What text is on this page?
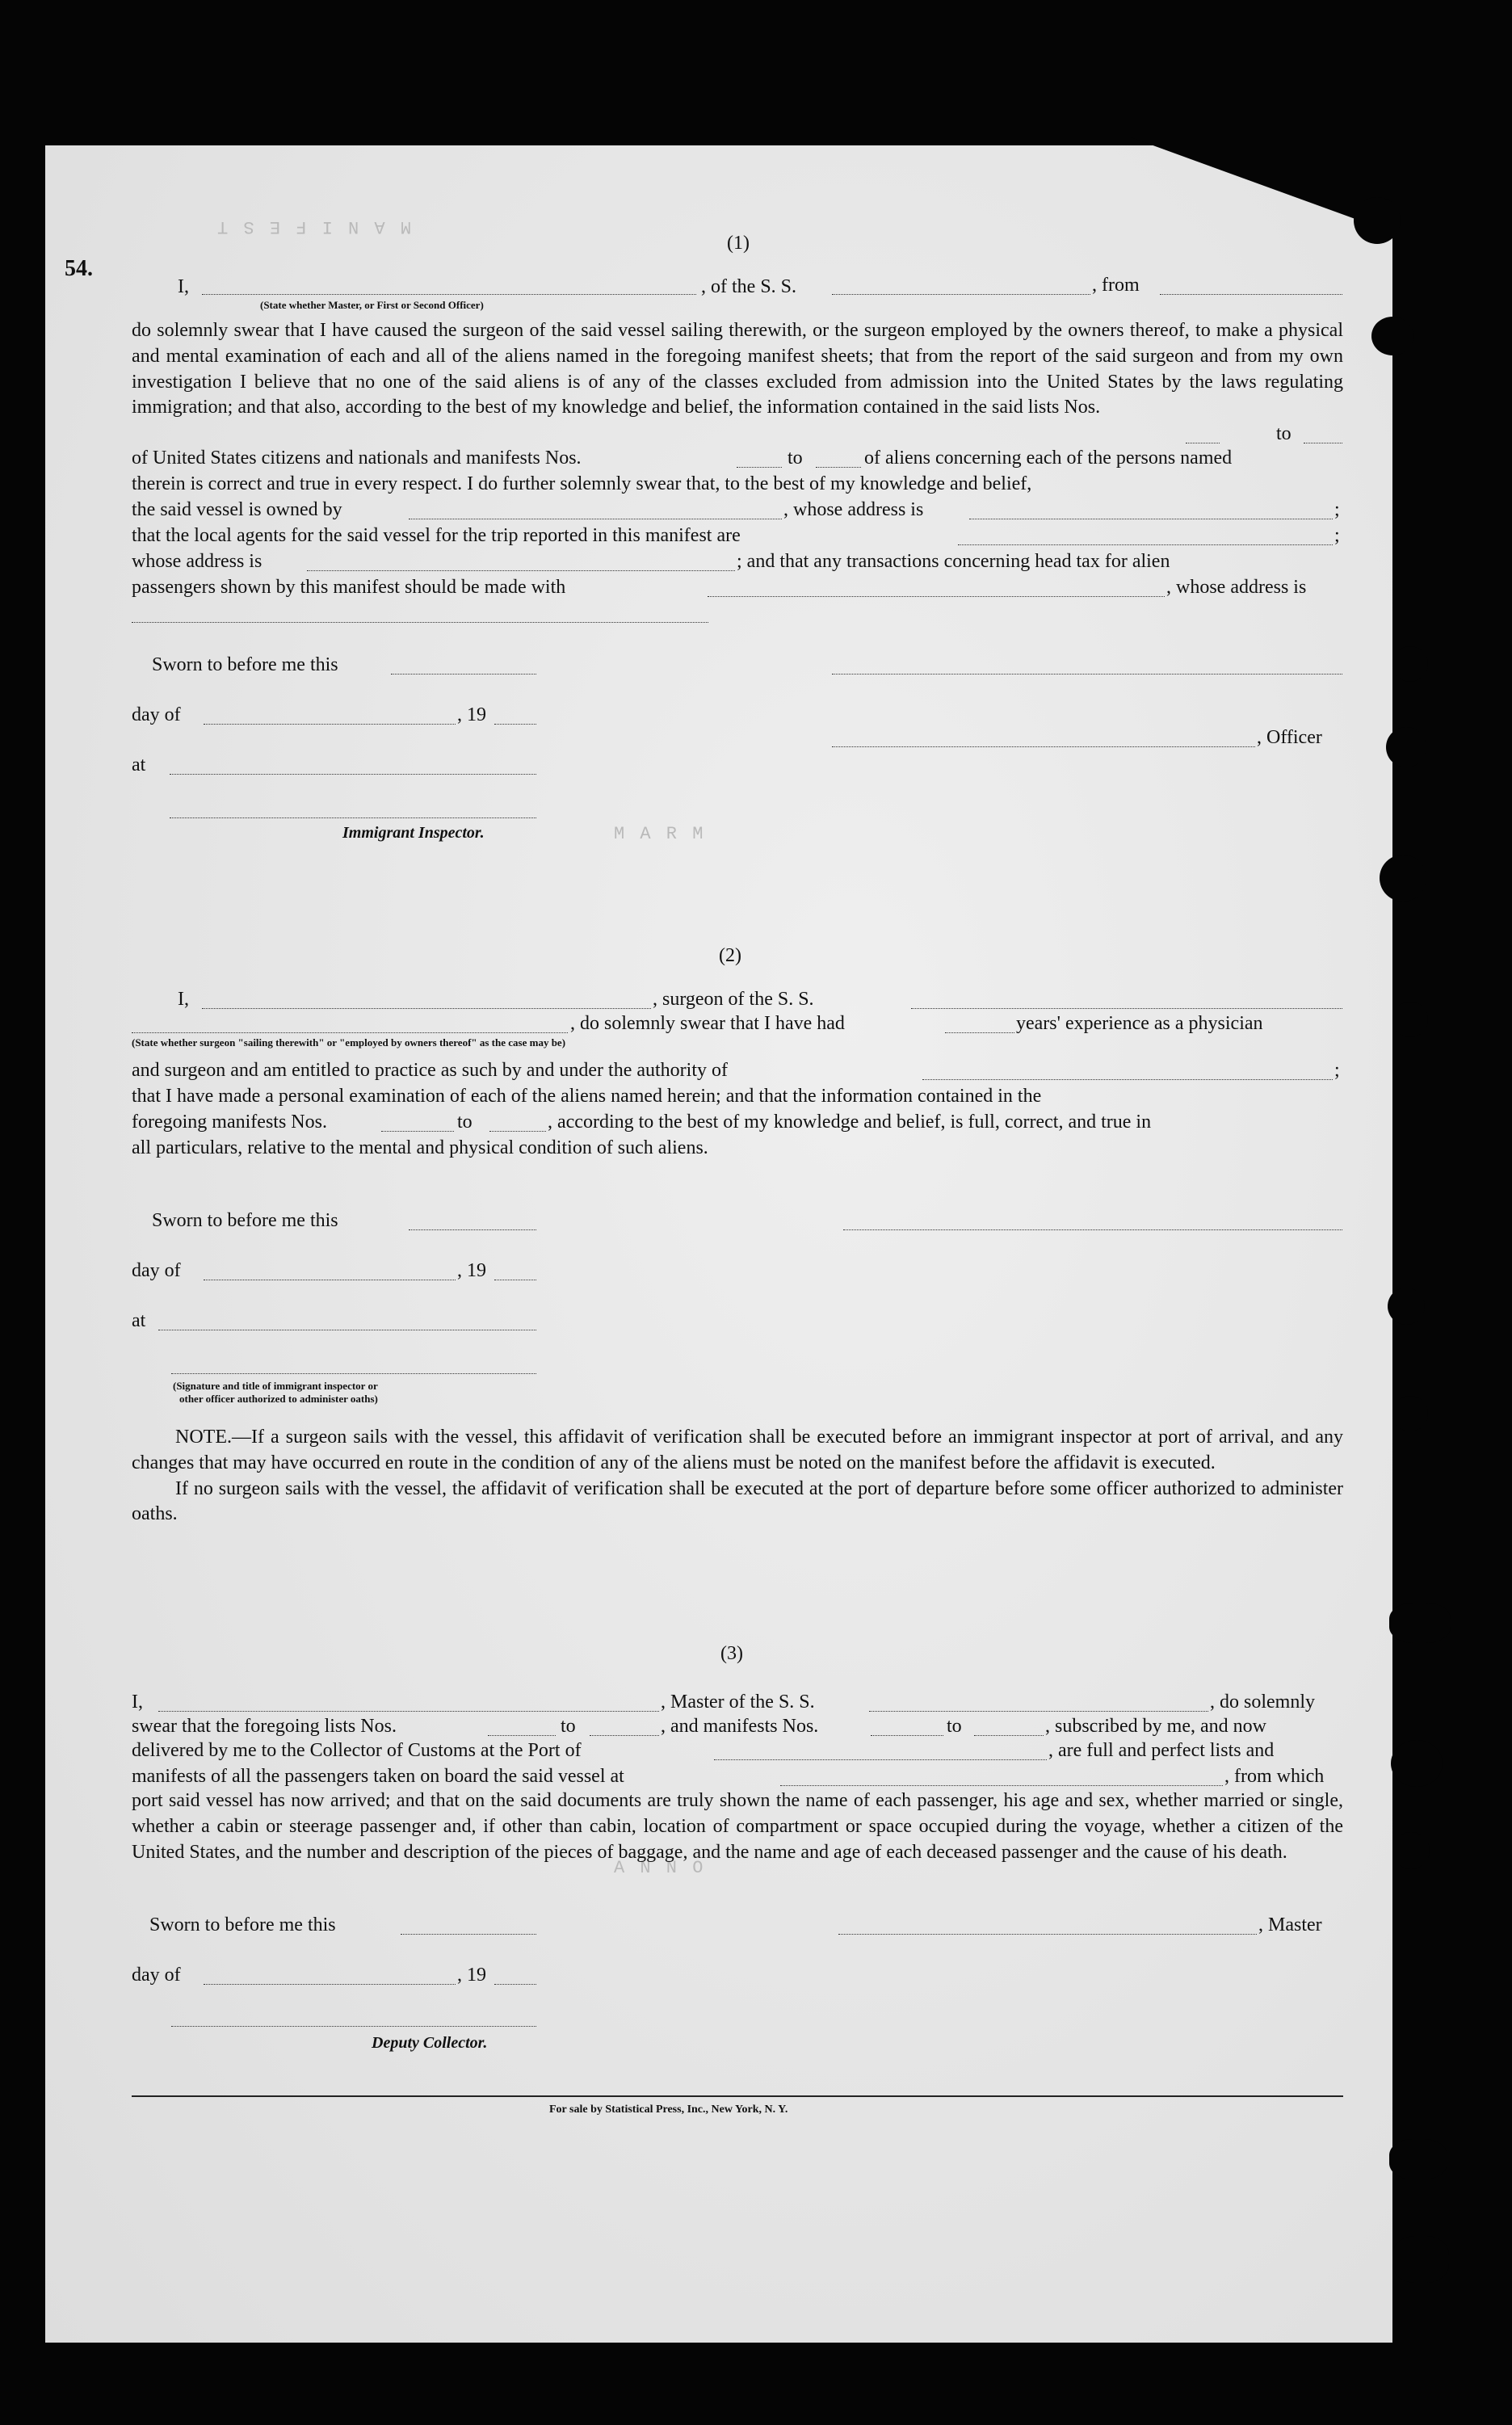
M A N I F E S T
M A R M
A N N O
54.
(1)
I,
(State whether Master, or First or Second Officer)
, of the S. S.	, from

do solemnly swear that I have caused the surgeon of the said vessel sailing therewith, or the surgeon employed by the owners thereof, to make a physical and mental examination of each and all of the aliens named in the foregoing manifest sheets; that from the report of the said surgeon and from my own investigation I believe that no one of the said aliens is of any of the classes excluded from admission into the United States by the laws regulating immigration; and that also, according to the best of my knowledge and belief, the information contained in the said lists Nos.

to
of United States citizens and nationals and manifests Nos.	to	of aliens concerning each of the persons named
therein is correct and true in every respect. I do further solemnly swear that, to the best of my knowledge and belief,
the said vessel is owned by	, whose address is	;
that the local agents for the said vessel for the trip reported in this manifest are	;
whose address is	; and that any transactions concerning head tax for alien
passengers shown by this manifest should be made with	, whose address is
Sworn to before me this
day of	, 19
, Officer
at
Immigrant Inspector.
(2)
I,	, surgeon of the S. S.
, do solemnly swear that I have had	years' experience as a physician
(State whether surgeon "sailing therewith" or "employed by owners thereof" as the case may be)
and surgeon and am entitled to practice as such by and under the authority of	;
that I have made a personal examination of each of the aliens named herein; and that the information contained in the
foregoing manifests Nos.	to	, according to the best of my knowledge and belief, is full, correct, and true in
all particulars, relative to the mental and physical condition of such aliens.
Sworn to before me this
day of	, 19
at
(Signature and title of immigrant inspector or
other officer authorized to administer oaths)

NOTE.—If a surgeon sails with the vessel, this affidavit of verification shall be executed before an immigrant inspector at port of arrival, and any changes that may have occurred en route in the condition of any of the aliens must be noted on the manifest before the affidavit is executed.

If no surgeon sails with the vessel, the affidavit of verification shall be executed at the port of departure before some officer authorized to administer oaths.

(3)
I,	, Master of the S. S.	, do solemnly
swear that the foregoing lists Nos.	to	, and manifests Nos.	to	, subscribed by me, and now
delivered by me to the Collector of Customs at the Port of	, are full and perfect lists and
manifests of all the passengers taken on board the said vessel at	, from which

port said vessel has now arrived; and that on the said documents are truly shown the name of each passenger, his age and sex, whether married or single, whether a cabin or steerage passenger and, if other than cabin, location of compartment or space occupied during the voyage, whether a citizen of the United States, and the number and description of the pieces of baggage, and the name and age of each deceased passenger and the cause of his death.

Sworn to before me this	, Master
day of	, 19
Deputy Collector.
For sale by Statistical Press, Inc., New York, N. Y.
